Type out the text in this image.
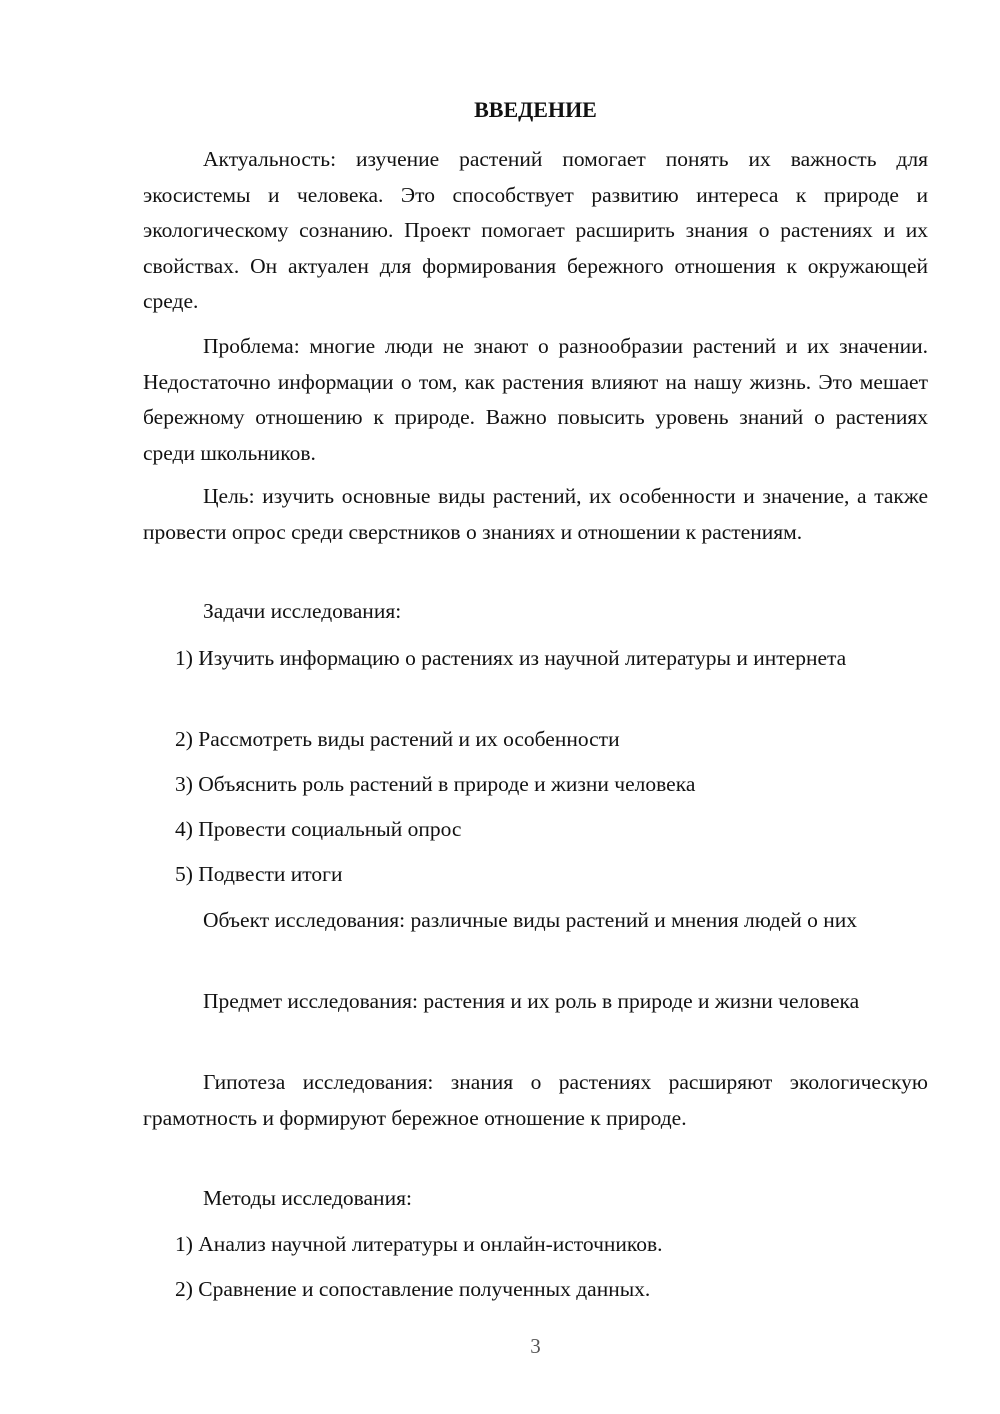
ВВЕДЕНИЕ

Актуальность: изучение растений помогает понять их важность для экосистемы и человека. Это способствует развитию интереса к природе и экологическому сознанию. Проект помогает расширить знания о растениях и их свойствах. Он актуален для формирования бережного отношения к окружающей среде.

Проблема: многие люди не знают о разнообразии растений и их значении. Недостаточно информации о том, как растения влияют на нашу жизнь. Это мешает бережному отношению к природе. Важно повысить уровень знаний о растениях среди школьников.

Цель: изучить основные виды растений, их особенности и значение, а также провести опрос среди сверстников о знаниях и отношении к растениям.

Задачи исследования:

1) Изучить информацию о растениях из научной литературы и интернета

2) Рассмотреть виды растений и их особенности

3) Объяснить роль растений в природе и жизни человека

4) Провести социальный опрос

5) Подвести итоги

Объект исследования: различные виды растений и мнения людей о них

Предмет исследования: растения и их роль в природе и жизни человека

Гипотеза исследования: знания о растениях расширяют экологическую грамотность и формируют бережное отношение к природе.

Методы исследования:

1) Анализ научной литературы и онлайн-источников.

2) Сравнение и сопоставление полученных данных.

3
